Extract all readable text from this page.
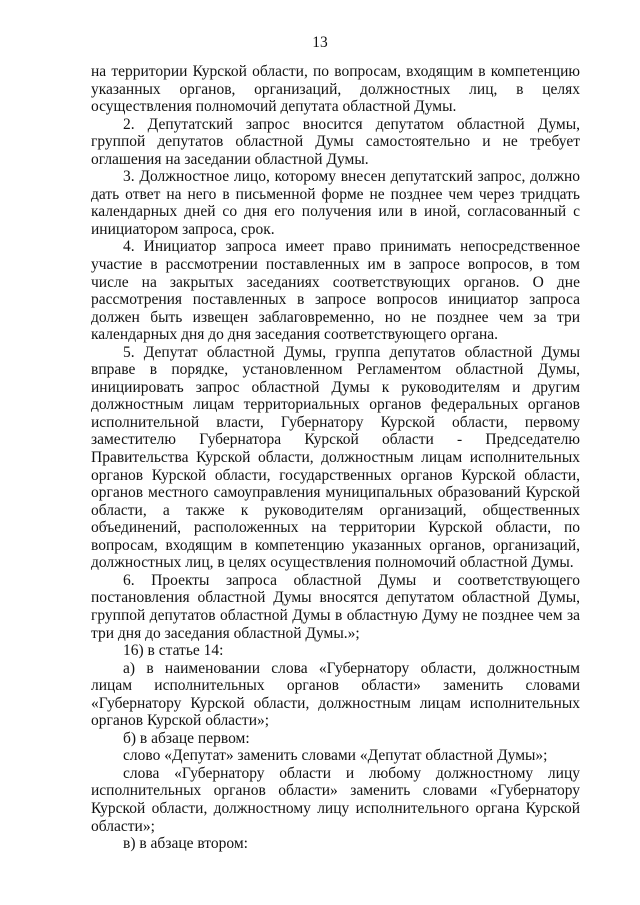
13

на территории Курской области, по вопросам, входящим в компетенцию указанных органов, организаций, должностных лиц, в целях осуществления полномочий депутата областной Думы.

2. Депутатский запрос вносится депутатом областной Думы, группой депутатов областной Думы самостоятельно и не требует оглашения на заседании областной Думы.

3. Должностное лицо, которому внесен депутатский запрос, должно дать ответ на него в письменной форме не позднее чем через тридцать календарных дней со дня его получения или в иной, согласованный с инициатором запроса, срок.

4. Инициатор запроса имеет право принимать непосредственное участие в рассмотрении поставленных им в запросе вопросов, в том числе на закрытых заседаниях соответствующих органов. О дне рассмотрения поставленных в запросе вопросов инициатор запроса должен быть извещен заблаговременно, но не позднее чем за три календарных дня до дня заседания соответствующего органа.

5. Депутат областной Думы, группа депутатов областной Думы вправе в порядке, установленном Регламентом областной Думы, инициировать запрос областной Думы к руководителям и другим должностным лицам территориальных органов федеральных органов исполнительной власти, Губернатору Курской области, первому заместителю Губернатора Курской области - Председателю Правительства Курской области, должностным лицам исполнительных органов Курской области, государственных органов Курской области, органов местного самоуправления муниципальных образований Курской области, а также к руководителям организаций, общественных объединений, расположенных на территории Курской области, по вопросам, входящим в компетенцию указанных органов, организаций, должностных лиц, в целях осуществления полномочий областной Думы.

6. Проекты запроса областной Думы и соответствующего постановления областной Думы вносятся депутатом областной Думы, группой депутатов областной Думы в областную Думу не позднее чем за три дня до заседания областной Думы.»;

16) в статье 14:

а) в наименовании слова «Губернатору области, должностным лицам исполнительных органов области» заменить словами «Губернатору Курской области, должностным лицам исполнительных органов Курской области»;

б) в абзаце первом:

слово «Депутат» заменить словами «Депутат областной Думы»;

слова «Губернатору области и любому должностному лицу исполнительных органов области» заменить словами «Губернатору Курской области, должностному лицу исполнительного органа Курской области»;

в) в абзаце втором:
